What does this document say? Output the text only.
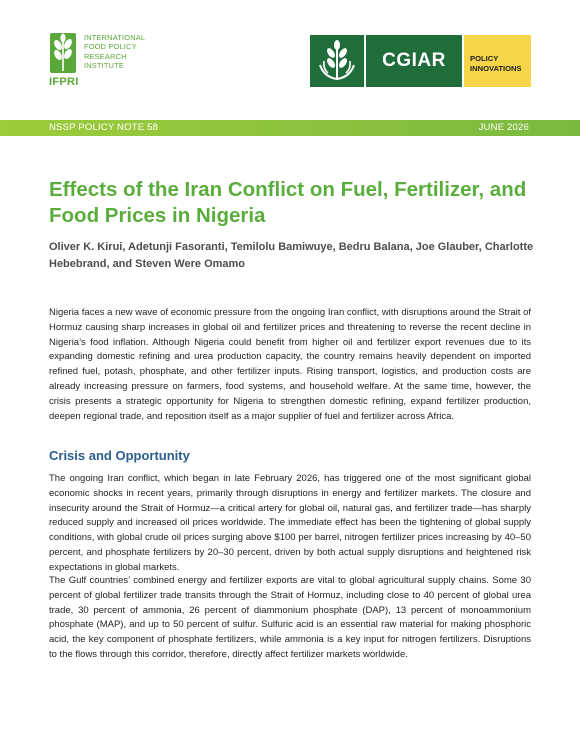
IFPRI
INTERNATIONAL
FOOD POLICY
RESEARCH
INSTITUTE	CGIAR	POLICY
INNOVATIONS
NSSP POLICY NOTE 58	JUNE 2026
Effects of the Iran Conflict on Fuel, Fertilizer, and Food Prices in Nigeria

Oliver K. Kirui, Adetunji Fasoranti, Temilolu Bamiwuye, Bedru Balana, Joe Glauber, Charlotte Hebebrand, and Steven Were Omamo

Nigeria faces a new wave of economic pressure from the ongoing Iran conflict, with disruptions around the Strait of Hormuz causing sharp increases in global oil and fertilizer prices and threatening to reverse the recent decline in Nigeria’s food inflation. Although Nigeria could benefit from higher oil and fertilizer export revenues due to its expanding domestic refining and urea production capacity, the country remains heavily dependent on imported refined fuel, potash, phosphate, and other fertilizer inputs. Rising transport, logistics, and production costs are already increasing pressure on farmers, food systems, and household welfare. At the same time, however, the crisis presents a strategic opportunity for Nigeria to strengthen domestic refining, expand fertilizer production, deepen regional trade, and reposition itself as a major supplier of fuel and fertilizer across Africa.

Crisis and Opportunity

The ongoing Iran conflict, which began in late February 2026, has triggered one of the most significant global economic shocks in recent years, primarily through disruptions in energy and fertilizer markets. The closure and insecurity around the Strait of Hormuz—a critical artery for global oil, natural gas, and fertilizer trade—has sharply reduced supply and increased oil prices worldwide. The immediate effect has been the tightening of global supply conditions, with global crude oil prices surging above $100 per barrel, nitrogen fertilizer prices increasing by 40–50 percent, and phosphate fertilizers by 20–30 percent, driven by both actual supply disruptions and heightened risk expectations in global markets.

The Gulf countries’ combined energy and fertilizer exports are vital to global agricultural supply chains. Some 30 percent of global fertilizer trade transits through the Strait of Hormuz, including close to 40 percent of global urea trade, 30 percent of ammonia, 26 percent of diammonium phosphate (DAP), 13 percent of monoammonium phosphate (MAP), and up to 50 percent of sulfur. Sulfuric acid is an essential raw material for making phosphoric acid, the key component of phosphate fertilizers, while ammonia is a key input for nitrogen fertilizers. Disruptions to the flows through this corridor, therefore, directly affect fertilizer markets worldwide.
